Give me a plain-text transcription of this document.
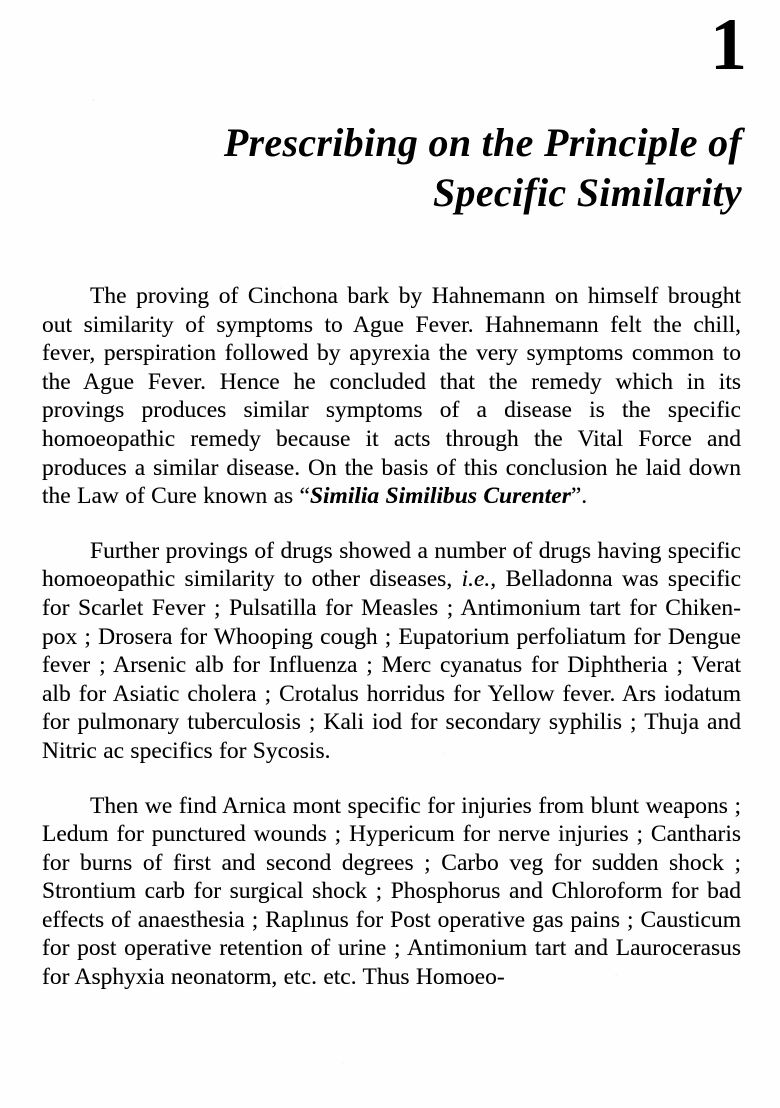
1
Prescribing on the Principle of
Specific Similarity

The proving of Cinchona bark by Hahnemann on himself brought out similarity of symptoms to Ague Fever. Hahnemann felt the chill, fever, perspiration followed by apyrexia the very symptoms common to the Ague Fever. Hence he concluded that the remedy which in its provings produces similar symptoms of a disease is the specific homoeopathic remedy because it acts through the Vital Force and produces a similar disease. On the basis of this conclusion he laid down the Law of Cure known as “Similia Similibus Curenter”.

Further provings of drugs showed a number of drugs having specific homoeopathic similarity to other diseases, i.e., Belladonna was specific for Scarlet Fever ; Pulsatilla for Measles ; Antimonium tart for Chiken-pox ; Drosera for Whooping cough ; Eupatorium perfoliatum for Dengue fever ; Arsenic alb for Influenza ; Merc cyanatus for Diphtheria ; Verat alb for Asiatic cholera ; Crotalus horridus for Yellow fever. Ars iodatum for pulmonary tuberculosis ; Kali iod for secondary syphilis ; Thuja and Nitric ac specifics for Sycosis.

Then we find Arnica mont specific for injuries from blunt weapons ; Ledum for punctured wounds ; Hypericum for nerve injuries ; Cantharis for burns of first and second degrees ; Carbo veg for sudden shock ; Strontium carb for surgical shock ; Phosphorus and Chloroform for bad effects of anaesthesia ; Raplınus for Post operative gas pains ; Causticum for post operative retention of urine ; Antimonium tart and Laurocerasus for Asphyxia neonatorm, etc. etc. Thus Homoeo-
